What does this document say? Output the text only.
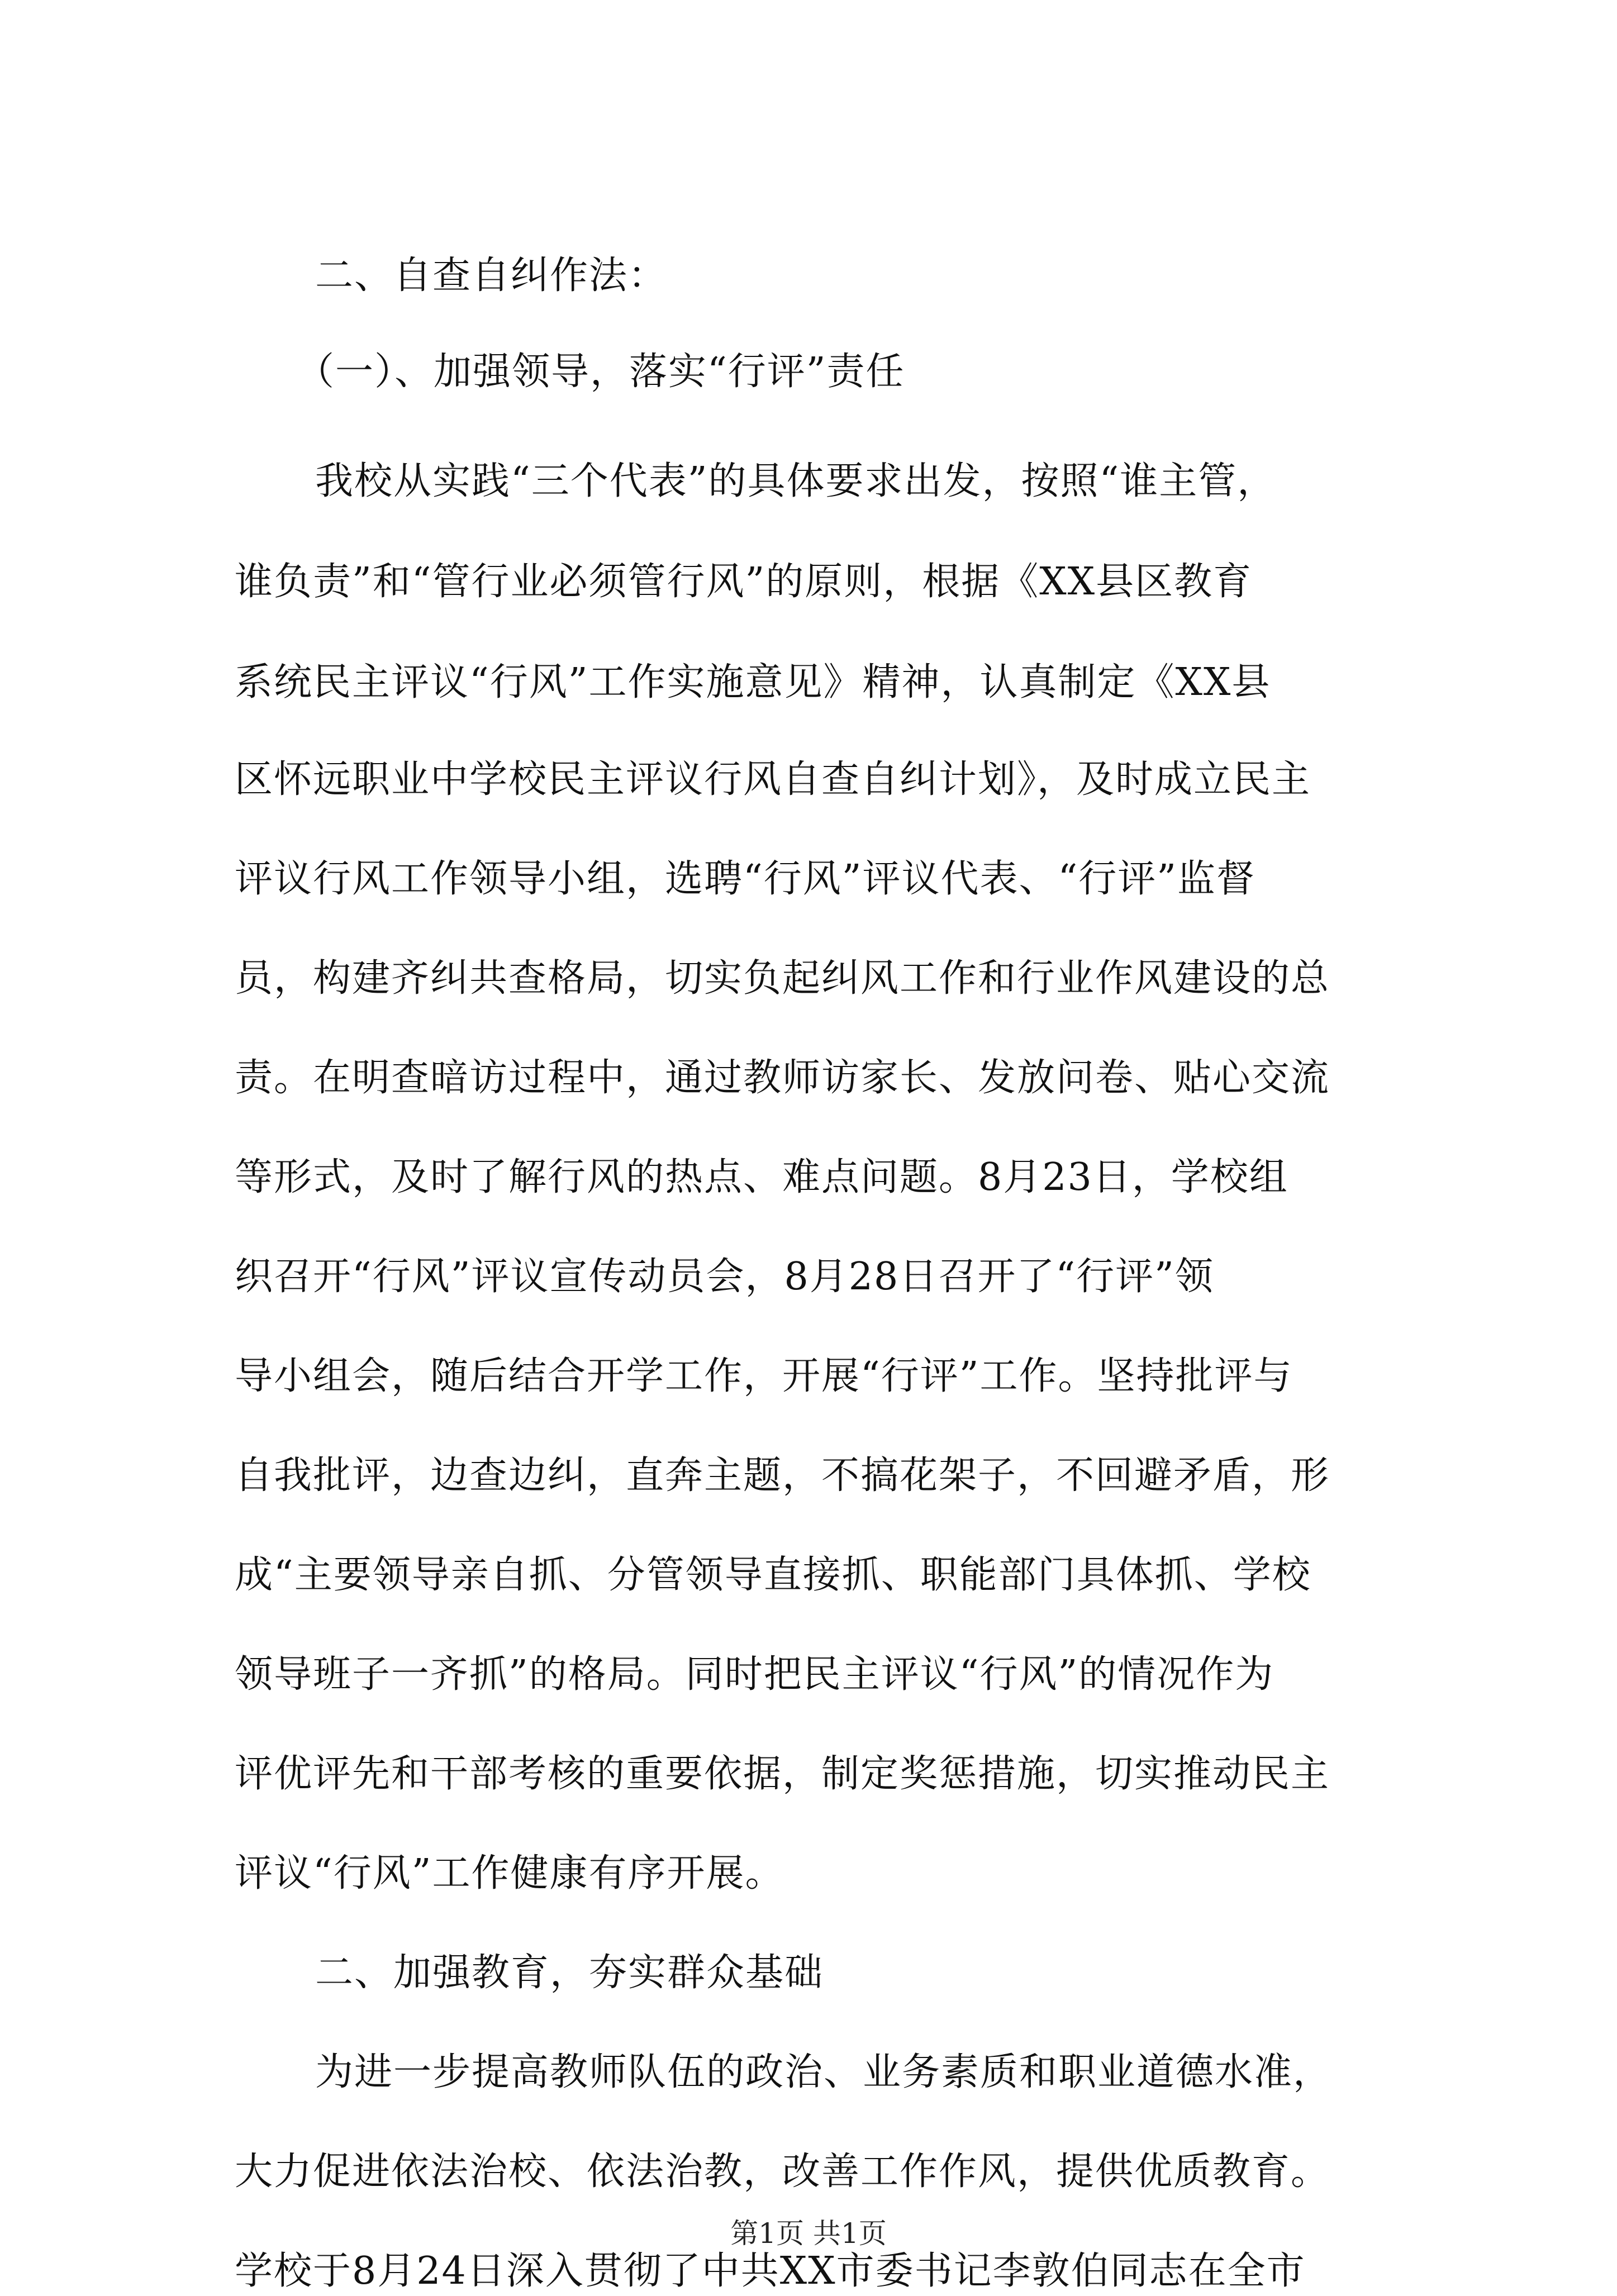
二、自查自纠作法：

（一）、加强领导，落实“行评”责任

我校从实践“三个代表”的具体要求出发，按照“谁主管，

谁负责”和“管行业必须管行风”的原则，根据《XX县区教育

系统民主评议“行风”工作实施意见》精神，认真制定《XX县

区怀远职业中学校民主评议行风自查自纠计划》，及时成立民主

评议行风工作领导小组，选聘“行风”评议代表、“行评”监督

员，构建齐纠共查格局，切实负起纠风工作和行业作风建设的总

责。在明查暗访过程中，通过教师访家长、发放问卷、贴心交流

等形式，及时了解行风的热点、难点问题。8月23日，学校组

织召开“行风”评议宣传动员会，8月28日召开了“行评”领

导小组会，随后结合开学工作，开展“行评”工作。坚持批评与

自我批评，边查边纠，直奔主题，不搞花架子，不回避矛盾，形

成“主要领导亲自抓、分管领导直接抓、职能部门具体抓、学校

领导班子一齐抓”的格局。同时把民主评议“行风”的情况作为

评优评先和干部考核的重要依据，制定奖惩措施，切实推动民主

评议“行风”工作健康有序开展。

二、加强教育，夯实群众基础

为进一步提高教师队伍的政治、业务素质和职业道德水准，

大力促进依法治校、依法治教，改善工作作风，提供优质教育。

学校于8月24日深入贯彻了中共XX市委书记李敦伯同志在全市

第1页 共1页
